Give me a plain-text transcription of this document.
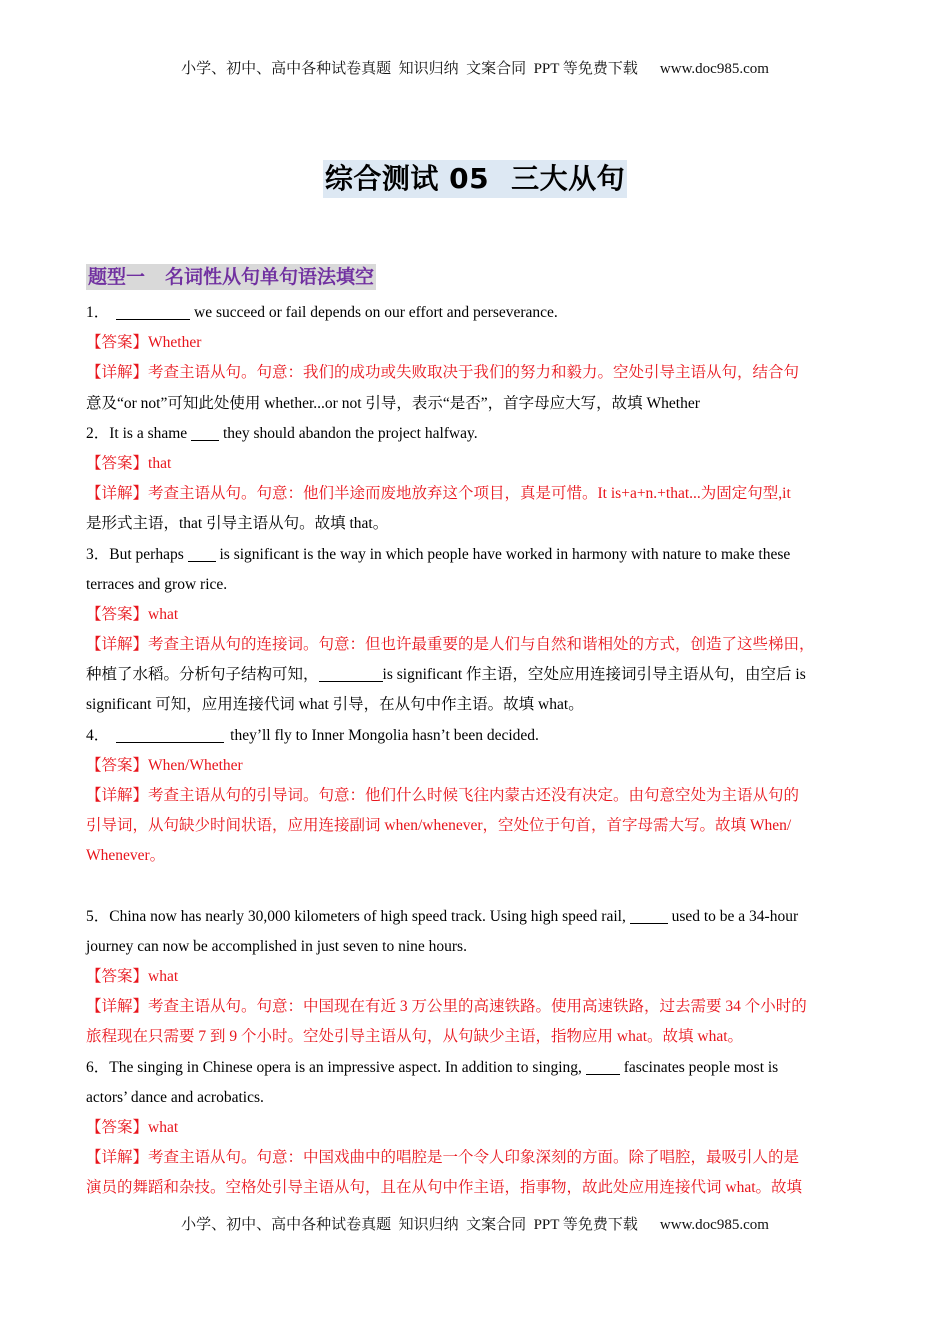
小学、初中、高中各种试卷真题  知识归纳  文案合同  PPT 等免费下载 www.doc985.com
综合测试 05 三大从句
题型一 名词性从句单句语法填空
1．	we succeed or fail depends on our effort and perseverance.
【答案】Whether
【详解】考查主语从句。句意：我们的成功或失败取决于我们的努力和毅力。空处引导主语从句，结合句
意及“or not”可知此处使用 whether...or not 引导，表示“是否”，首字母应大写，故填 Whether
2．It is a shame  they should abandon the project halfway.
【答案】that
【详解】考查主语从句。句意：他们半途而废地放弃这个项目，真是可惜。It is+a+n.+that...为固定句型,it
是形式主语，that 引导主语从句。故填 that。
3．But perhaps  is significant is the way in which people have worked in harmony with nature to make these
terraces and grow rice.
【答案】what
【详解】考查主语从句的连接词。句意：但也许最重要的是人们与自然和谐相处的方式，创造了这些梯田，
种植了水稻。分析句子结构可知，	is significant 作主语，空处应用连接词引导主语从句，由空后 is
significant 可知，应用连接代词 what 引导，在从句中作主语。故填 what。
4．	they’ll fly to Inner Mongolia hasn’t been decided.
【答案】When/Whether
【详解】考查主语从句的引导词。句意：他们什么时候飞往内蒙古还没有决定。由句意空处为主语从句的
引导词，从句缺少时间状语，应用连接副词 when/whenever，空处位于句首，首字母需大写。故填 When/
Whenever。
5．China now has nearly 30,000 kilometers of high speed track. Using high speed rail,  used to be a 34-hour
journey can now be accomplished in just seven to nine hours.
【答案】what
【详解】考查主语从句。句意：中国现在有近 3 万公里的高速铁路。使用高速铁路，过去需要 34 个小时的
旅程现在只需要 7 到 9 个小时。空处引导主语从句，从句缺少主语，指物应用 what。故填 what。
6．The singing in Chinese opera is an impressive aspect. In addition to singing,  fascinates people most is
actors’ dance and acrobatics.
【答案】what
【详解】考查主语从句。句意：中国戏曲中的唱腔是一个令人印象深刻的方面。除了唱腔，最吸引人的是
演员的舞蹈和杂技。空格处引导主语从句，且在从句中作主语，指事物，故此处应用连接代词 what。故填
小学、初中、高中各种试卷真题  知识归纳  文案合同  PPT 等免费下载 www.doc985.com
